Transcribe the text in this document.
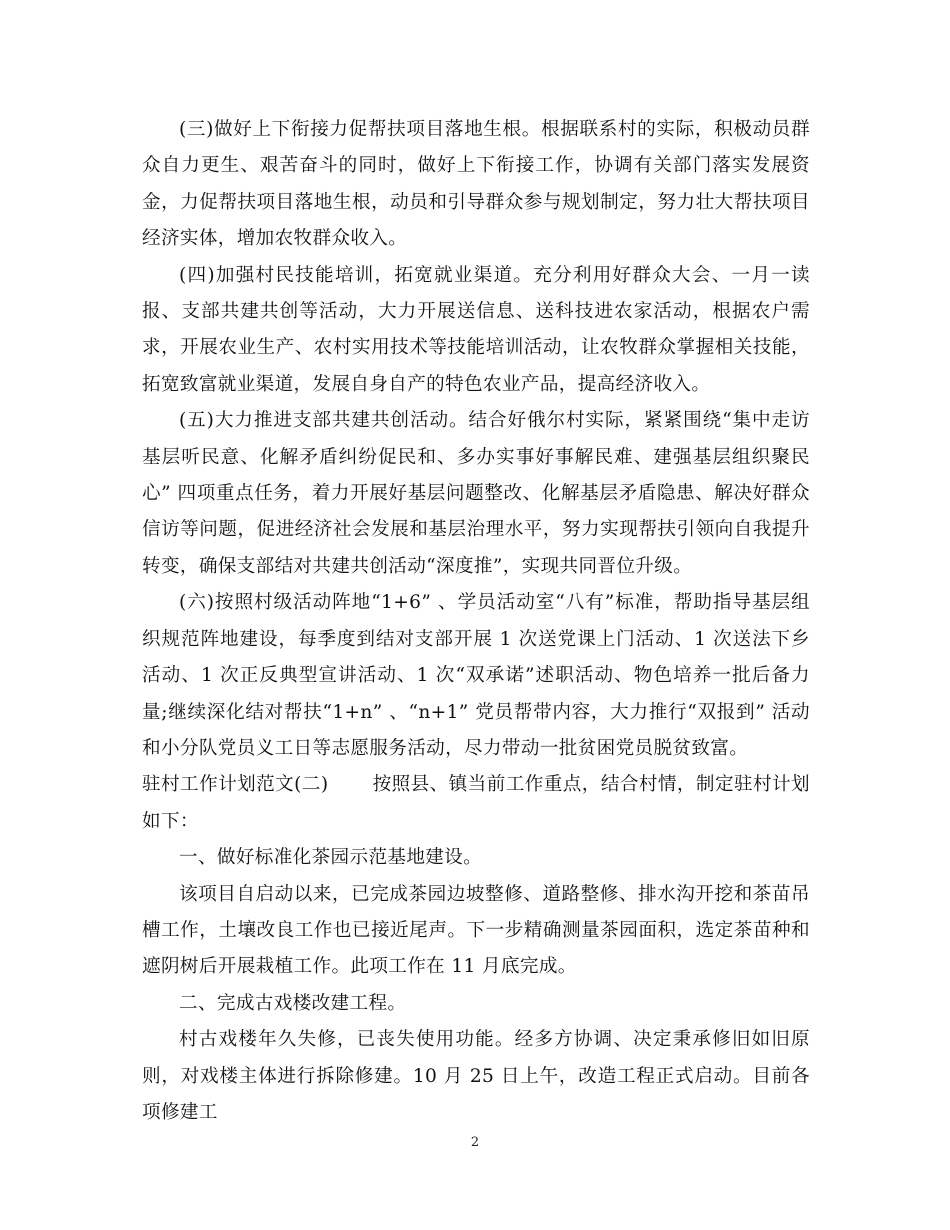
(三)做好上下衔接力促帮扶项目落地生根。根据联系村的实际，积极动员群众自力更生、艰苦奋斗的同时，做好上下衔接工作，协调有关部门落实发展资金，力促帮扶项目落地生根，动员和引导群众参与规划制定，努力壮大帮扶项目经济实体，增加农牧群众收入。

(四)加强村民技能培训，拓宽就业渠道。充分利用好群众大会、一月一读报、支部共建共创等活动，大力开展送信息、送科技进农家活动，根据农户需求，开展农业生产、农村实用技术等技能培训活动，让农牧群众掌握相关技能，拓宽致富就业渠道，发展自身自产的特色农业产品，提高经济收入。

(五)大力推进支部共建共创活动。结合好俄尔村实际，紧紧围绕“集中走访基层听民意、化解矛盾纠纷促民和、多办实事好事解民难、建强基层组织聚民心” 四项重点任务，着力开展好基层问题整改、化解基层矛盾隐患、解决好群众信访等问题，促进经济社会发展和基层治理水平，努力实现帮扶引领向自我提升转变，确保支部结对共建共创活动“深度推”，实现共同晋位升级。

(六)按照村级活动阵地“1+6” 、学员活动室“八有”标准，帮助指导基层组织规范阵地建设，每季度到结对支部开展 1 次送党课上门活动、1 次送法下乡活动、1 次正反典型宣讲活动、1 次“双承诺”述职活动、物色培养一批后备力量;继续深化结对帮扶“1+n” 、“n+1” 党员帮带内容，大力推行“双报到” 活动和小分队党员义工日等志愿服务活动，尽力带动一批贫困党员脱贫致富。

驻村工作计划范文(二) 按照县、镇当前工作重点，结合村情，制定驻村计划如下：

一、做好标准化茶园示范基地建设。

该项目自启动以来，已完成茶园边坡整修、道路整修、排水沟开挖和茶苗吊槽工作，土壤改良工作也已接近尾声。下一步精确测量茶园面积，选定茶苗种和遮阴树后开展栽植工作。此项工作在 11 月底完成。

二、完成古戏楼改建工程。

村古戏楼年久失修，已丧失使用功能。经多方协调、决定秉承修旧如旧原则，对戏楼主体进行拆除修建。10 月 25 日上午，改造工程正式启动。目前各项修建工

2
